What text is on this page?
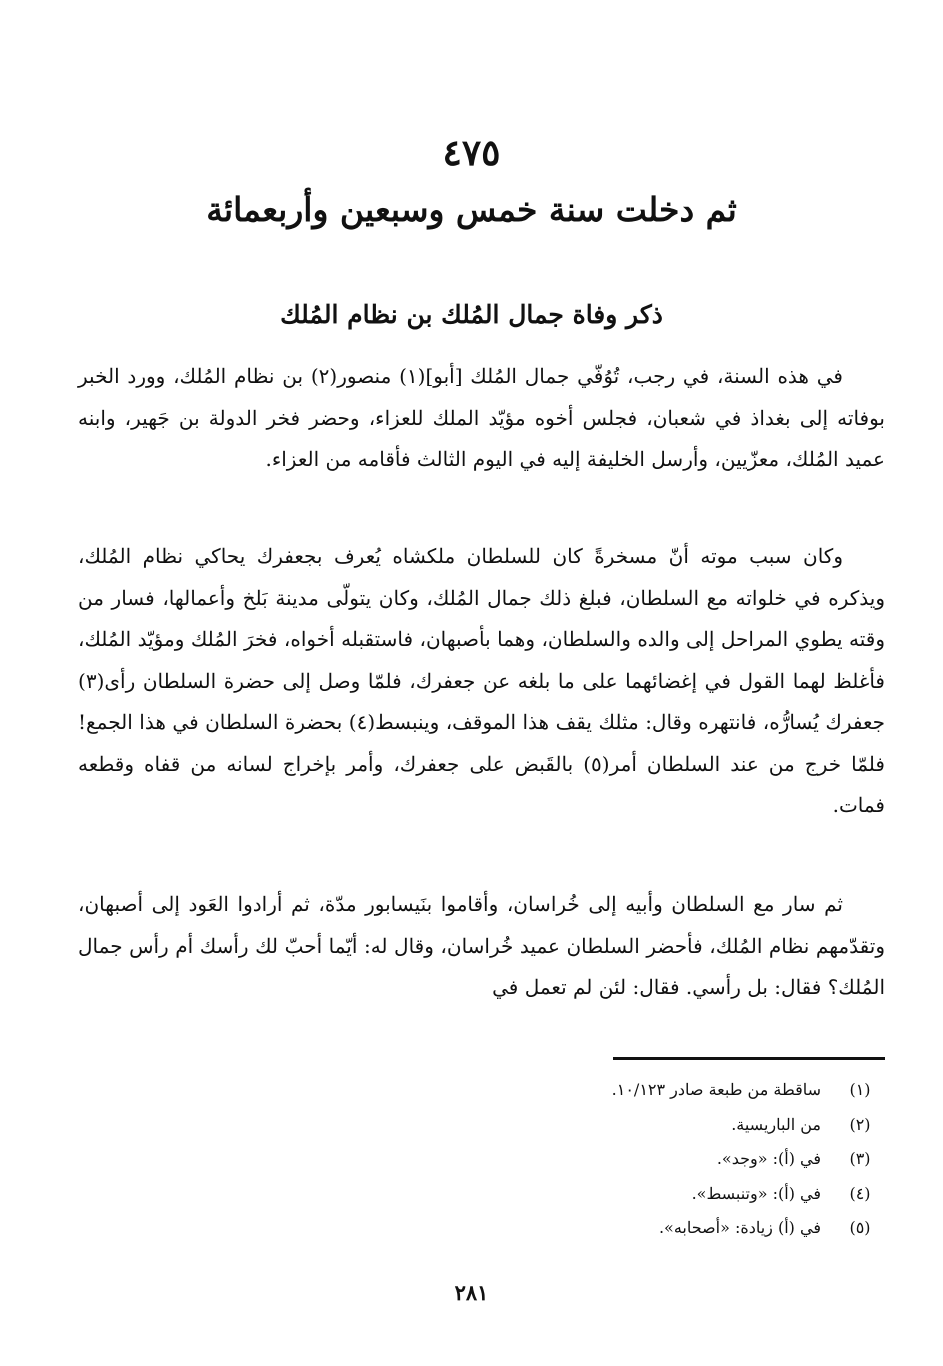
٤٧٥
ثم دخلت سنة خمس وسبعين وأربعمائة
ذكر وفاة جمال المُلك بن نظام المُلك

في هذه السنة، في رجب، تُوُفّي جمال المُلك [أبو](١) منصور(٢) بن نظام المُلك، وورد الخبر بوفاته إلى بغداذ في شعبان، فجلس أخوه مؤيّد الملك للعزاء، وحضر فخر الدولة بن جَهير، وابنه عميد المُلك، معزّيين، وأرسل الخليفة إليه في اليوم الثالث فأقامه من العزاء.

وكان سبب موته أنّ مسخرةً كان للسلطان ملكشاه يُعرف بجعفرك يحاكي نظام المُلك، ويذكره في خلواته مع السلطان، فبلغ ذلك جمال المُلك، وكان يتولّى مدينة بَلخ وأعمالها، فسار من وقته يطوي المراحل إلى والده والسلطان، وهما بأصبهان، فاستقبله أخواه، فخرَ المُلك ومؤيّد المُلك، فأغلظ لهما القول في إغضائهما على ما بلغه عن جعفرك، فلمّا وصل إلى حضرة السلطان رأى(٣) جعفرك يُسارُّه، فانتهره وقال: مثلك يقف هذا الموقف، وينبسط(٤) بحضرة السلطان في هذا الجمع! فلمّا خرج من عند السلطان أمر(٥) بالقَبض على جعفرك، وأمر بإخراج لسانه من قفاه وقطعه فمات.

ثم سار مع السلطان وأبيه إلى خُراسان، وأقاموا بنَيسابور مدّة، ثم أرادوا العَود إلى أصبهان، وتقدّمهم نظام المُلك، فأحضر السلطان عميد خُراسان، وقال له: أيّما أحبّ لك رأسك أم رأس جمال المُلك؟ فقال: بل رأسي. فقال: لئن لم تعمل في

(١)ساقطة من طبعة صادر ١٠/١٢٣.
(٢)من الباريسية.
(٣)في (أ): «وجد».
(٤)في (أ): «وتنبسط».
(٥)في (أ) زيادة: «أصحابه».
٢٨١
